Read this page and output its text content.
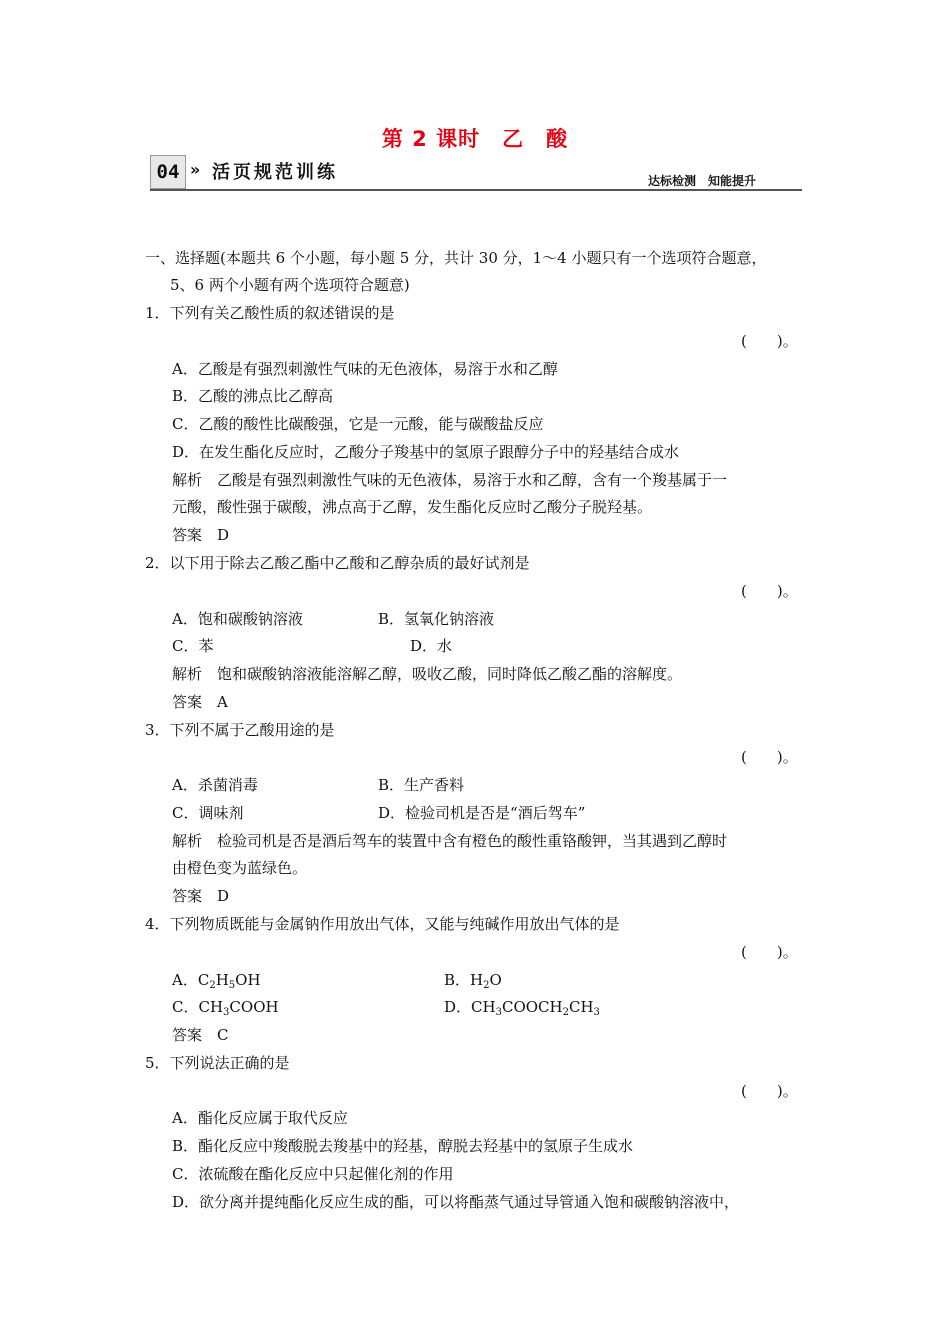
第 2 课时　乙　酸
04 » 活页规范训练	达标检测　知能提升
一、选择题(本题共 6 个小题，每小题 5 分，共计 30 分，1～4 小题只有一个选项符合题意，
5、6 两个小题有两个选项符合题意)
1．下列有关乙酸性质的叙述错误的是
(　　)。
A．乙酸是有强烈刺激性气味的无色液体，易溶于水和乙醇
B．乙酸的沸点比乙醇高
C．乙酸的酸性比碳酸强，它是一元酸，能与碳酸盐反应
D．在发生酯化反应时，乙酸分子羧基中的氢原子跟醇分子中的羟基结合成水
解析　乙酸是有强烈刺激性气味的无色液体，易溶于水和乙醇，含有一个羧基属于一
元酸，酸性强于碳酸，沸点高于乙醇，发生酯化反应时乙酸分子脱羟基。
答案　D
2．以下用于除去乙酸乙酯中乙酸和乙醇杂质的最好试剂是
(　　)。
A．饱和碳酸钠溶液	B．氢氧化钠溶液
C．苯	D．水
解析　饱和碳酸钠溶液能溶解乙醇，吸收乙酸，同时降低乙酸乙酯的溶解度。
答案　A
3．下列不属于乙酸用途的是
(　　)。
A．杀菌消毒	B．生产香料
C．调味剂	D．检验司机是否是“酒后驾车”
解析　检验司机是否是酒后驾车的装置中含有橙色的酸性重铬酸钾，当其遇到乙醇时
由橙色变为蓝绿色。
答案　D
4．下列物质既能与金属钠作用放出气体，又能与纯碱作用放出气体的是
(　　)。
A．$C_2H_5OH$	B．$H_2O$
C．$CH_3COOH$	D．$CH_3COOCH_2CH_3$
答案　C
5．下列说法正确的是
(　　)。
A．酯化反应属于取代反应
B．酯化反应中羧酸脱去羧基中的羟基，醇脱去羟基中的氢原子生成水
C．浓硫酸在酯化反应中只起催化剂的作用
D．欲分离并提纯酯化反应生成的酯，可以将酯蒸气通过导管通入饱和碳酸钠溶液中，
